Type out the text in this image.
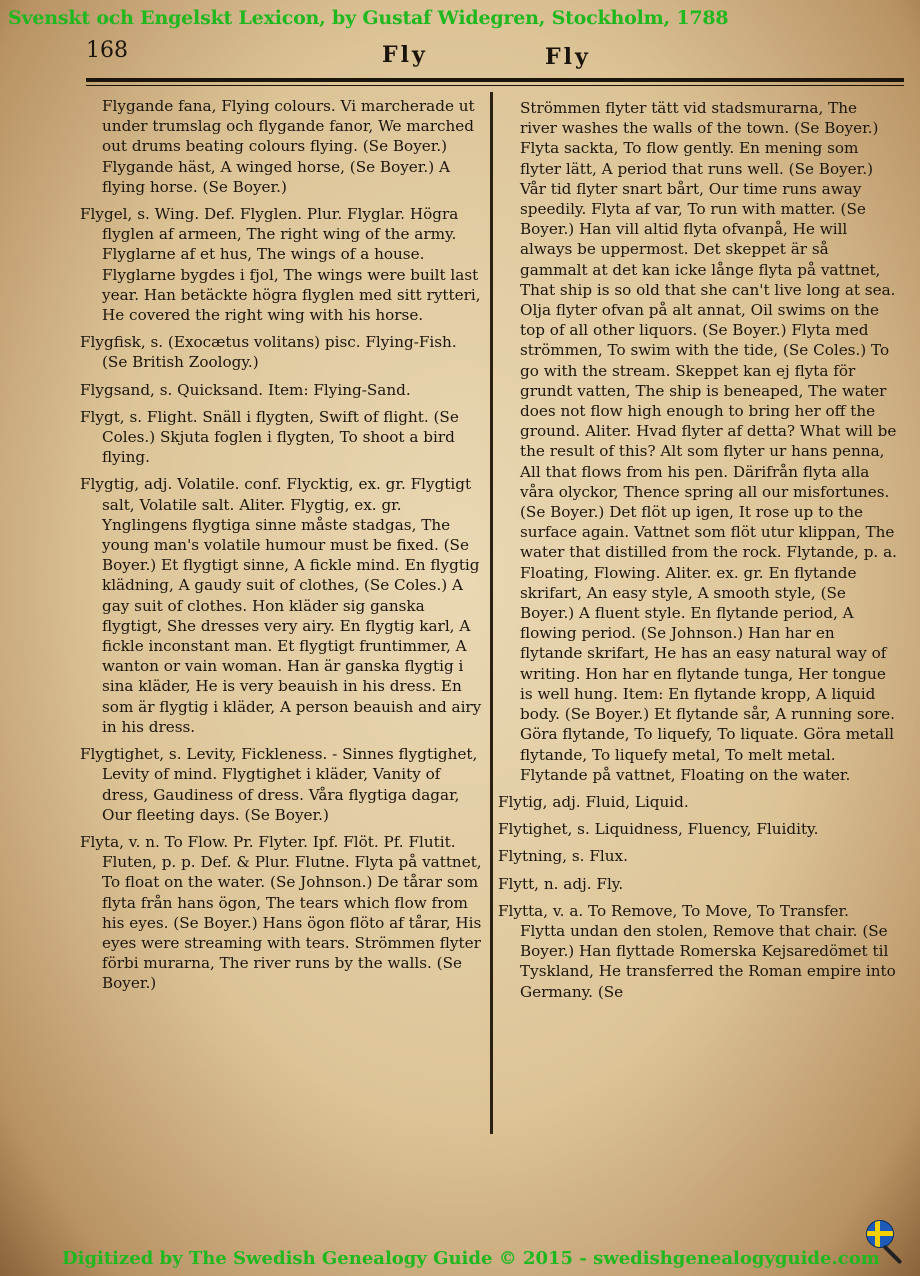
Svenskt och Engelskt Lexicon, by Gustaf Widegren, Stockholm, 1788
168	Fly	Fly

Flygande fana, Flying colours. Vi marcherade ut under trumslag och flygande fanor, We marched out drums beating colours flying. (Se Boyer.) Flygande häst, A winged horse, (Se Boyer.) A flying horse. (Se Boyer.)

Flygel, s. Wing. Def. Flyglen. Plur. Flyglar. Högra flyglen af armeen, The right wing of the army. Flyglarne af et hus, The wings of a house. Flyglarne bygdes i fjol, The wings were built last year. Han betäckte högra flyglen med sitt rytteri, He covered the right wing with his horse.

Flygfisk, s. (Exocætus volitans) pisc. Flying-Fish. (Se British Zoology.)

Flygsand, s. Quicksand. Item: Flying-Sand.

Flygt, s. Flight. Snäll i flygten, Swift of flight. (Se Coles.) Skjuta foglen i flygten, To shoot a bird flying.

Flygtig, adj. Volatile. conf. Flycktig, ex. gr. Flygtigt salt, Volatile salt. Aliter. Flygtig, ex. gr. Ynglingens flygtiga sinne måste stadgas, The young man's volatile humour must be fixed. (Se Boyer.) Et flygtigt sinne, A fickle mind. En flygtig klädning, A gaudy suit of clothes, (Se Coles.) A gay suit of clothes. Hon kläder sig ganska flygtigt, She dresses very airy. En flygtig karl, A fickle inconstant man. Et flygtigt fruntimmer, A wanton or vain woman. Han är ganska flygtig i sina kläder, He is very beauish in his dress. En som är flygtig i kläder, A person beauish and airy in his dress.

Flygtighet, s. Levity, Fickleness. - Sinnes flygtighet, Levity of mind. Flygtighet i kläder, Vanity of dress, Gaudiness of dress. Våra flygtiga dagar, Our fleeting days. (Se Boyer.)

Flyta, v. n. To Flow. Pr. Flyter. Ipf. Flöt. Pf. Flutit. Fluten, p. p. Def. & Plur. Flutne. Flyta på vattnet, To float on the water. (Se Johnson.) De tårar som flyta från hans ögon, The tears which flow from his eyes. (Se Boyer.) Hans ögon flöto af tårar, His eyes were streaming with tears. Strömmen flyter förbi murarna, The river runs by the walls. (Se Boyer.)

Strömmen flyter tätt vid stadsmurarna, The river washes the walls of the town. (Se Boyer.) Flyta sackta, To flow gently. En mening som flyter lätt, A period that runs well. (Se Boyer.) Vår tid flyter snart bårt, Our time runs away speedily. Flyta af var, To run with matter. (Se Boyer.) Han vill altid flyta ofvanpå, He will always be uppermost. Det skeppet är så gammalt at det kan icke långe flyta på vattnet, That ship is so old that she can't live long at sea. Olja flyter ofvan på alt annat, Oil swims on the top of all other liquors. (Se Boyer.) Flyta med strömmen, To swim with the tide, (Se Coles.) To go with the stream. Skeppet kan ej flyta för grundt vatten, The ship is beneaped, The water does not flow high enough to bring her off the ground. Aliter. Hvad flyter af detta? What will be the result of this? Alt som flyter ur hans penna, All that flows from his pen. Därifrån flyta alla våra olyckor, Thence spring all our misfortunes. (Se Boyer.) Det flöt up igen, It rose up to the surface again. Vattnet som flöt utur klippan, The water that distilled from the rock. Flytande, p. a. Floating, Flowing. Aliter. ex. gr. En flytande skrifart, An easy style, A smooth style, (Se Boyer.) A fluent style. En flytande period, A flowing period. (Se Johnson.) Han har en flytande skrifart, He has an easy natural way of writing. Hon har en flytande tunga, Her tongue is well hung. Item: En flytande kropp, A liquid body. (Se Boyer.) Et flytande sår, A running sore. Göra flytande, To liquefy, To liquate. Göra metall flytande, To liquefy metal, To melt metal. Flytande på vattnet, Floating on the water.

Flytig, adj. Fluid, Liquid.

Flytighet, s. Liquidness, Fluency, Fluidity.

Flytning, s. Flux.

Flytt, n. adj. Fly.

Flytta, v. a. To Remove, To Move, To Transfer. Flytta undan den stolen, Remove that chair. (Se Boyer.) Han flyttade Romerska Kejsaredömet til Tyskland, He transferred the Roman empire into Germany. (Se

Digitized by The Swedish Genealogy Guide © 2015 - swedishgenealogyguide.com
